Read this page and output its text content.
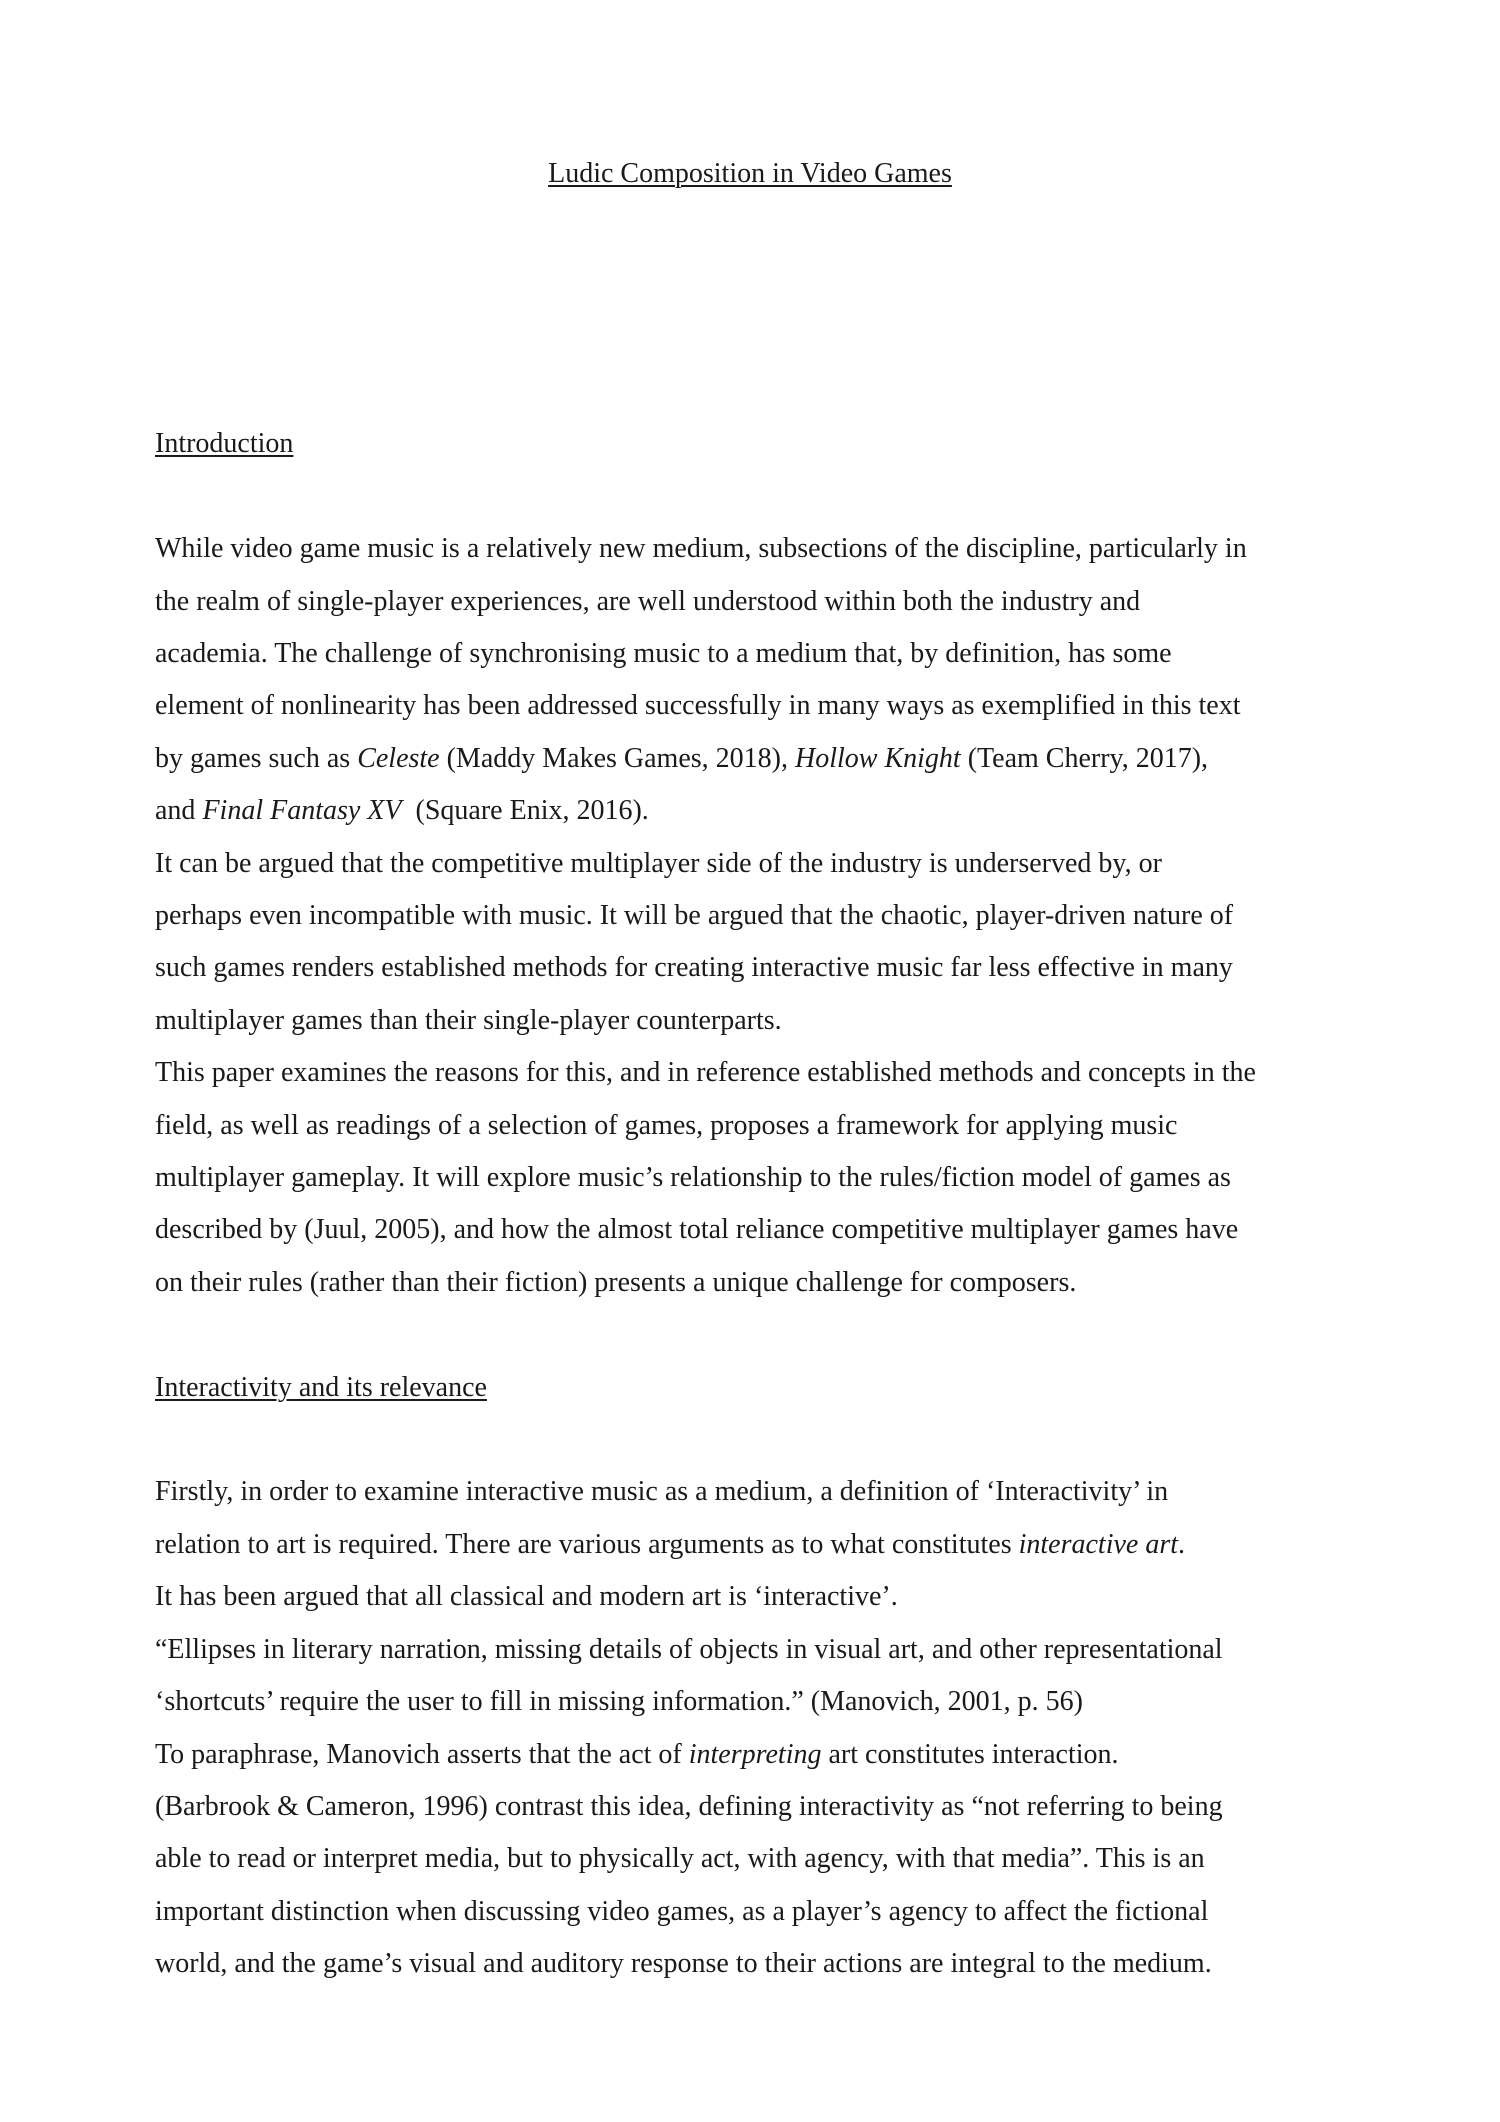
Ludic Composition in Video Games
Introduction
While video game music is a relatively new medium, subsections of the discipline, particularly in
the realm of single-player experiences, are well understood within both the industry and
academia. The challenge of synchronising music to a medium that, by definition, has some
element of nonlinearity has been addressed successfully in many ways as exemplified in this text
by games such as Celeste (Maddy Makes Games, 2018), Hollow Knight (Team Cherry, 2017),
and Final Fantasy XV  (Square Enix, 2016).
It can be argued that the competitive multiplayer side of the industry is underserved by, or
perhaps even incompatible with music. It will be argued that the chaotic, player-driven nature of
such games renders established methods for creating interactive music far less effective in many
multiplayer games than their single-player counterparts.
This paper examines the reasons for this, and in reference established methods and concepts in the
field, as well as readings of a selection of games, proposes a framework for applying music
multiplayer gameplay. It will explore music’s relationship to the rules/fiction model of games as
described by (Juul, 2005), and how the almost total reliance competitive multiplayer games have
on their rules (rather than their fiction) presents a unique challenge for composers.
Interactivity and its relevance
Firstly, in order to examine interactive music as a medium, a definition of ‘Interactivity’ in
relation to art is required. There are various arguments as to what constitutes interactive art.
It has been argued that all classical and modern art is ‘interactive’.
“Ellipses in literary narration, missing details of objects in visual art, and other representational
‘shortcuts’ require the user to fill in missing information.” (Manovich, 2001, p. 56)
To paraphrase, Manovich asserts that the act of interpreting art constitutes interaction.
(Barbrook & Cameron, 1996) contrast this idea, defining interactivity as “not referring to being
able to read or interpret media, but to physically act, with agency, with that media”. This is an
important distinction when discussing video games, as a player’s agency to affect the fictional
world, and the game’s visual and auditory response to their actions are integral to the medium.
